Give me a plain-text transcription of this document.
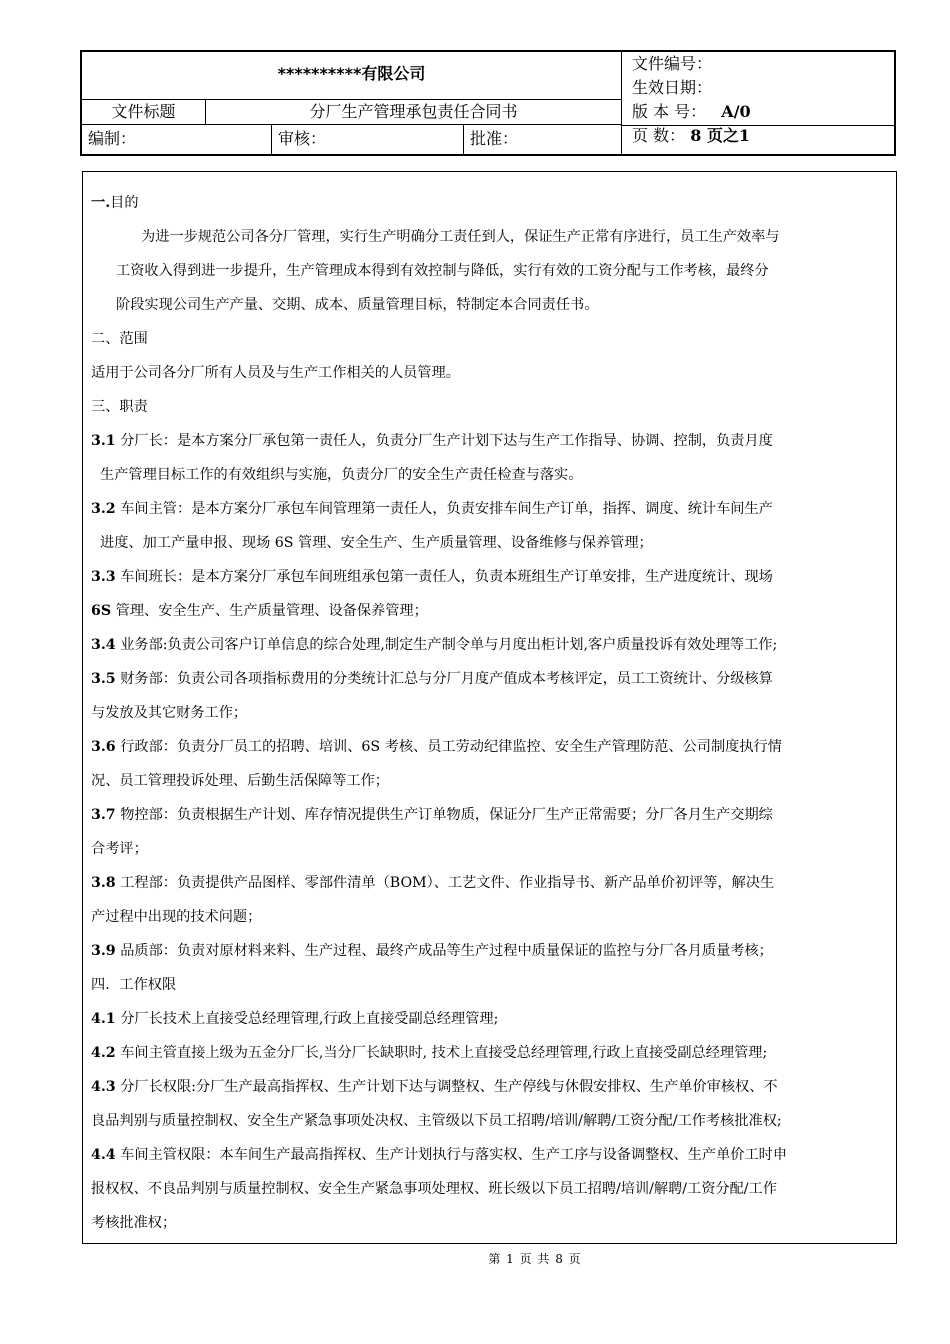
**********有限公司
文件标题	分厂生产管理承包责任合同书
编制：	审核：	批准：
文件编号：
生效日期：
版 本 号： A/0
页 数： 8 页之1
一.目的
为进一步规范公司各分厂管理，实行生产明确分工责任到人，保证生产正常有序进行，员工生产效率与
工资收入得到进一步提升，生产管理成本得到有效控制与降低，实行有效的工资分配与工作考核，最终分
阶段实现公司生产产量、交期、成本、质量管理目标，特制定本合同责任书。
二、范围
适用于公司各分厂所有人员及与生产工作相关的人员管理。
三、职责
3.1 分厂长：是本方案分厂承包第一责任人，负责分厂生产计划下达与生产工作指导、协调、控制，负责月度
生产管理目标工作的有效组织与实施，负责分厂的安全生产责任检查与落实。
3.2 车间主管：是本方案分厂承包车间管理第一责任人，负责安排车间生产订单，指挥、调度、统计车间生产
进度、加工产量申报、现场 6S 管理、安全生产、生产质量管理、设备维修与保养管理；
3.3 车间班长：是本方案分厂承包车间班组承包第一责任人，负责本班组生产订单安排，生产进度统计、现场
6S 管理、安全生产、生产质量管理、设备保养管理；
3.4 业务部:负责公司客户订单信息的综合处理,制定生产制令单与月度出柜计划,客户质量投诉有效处理等工作;
3.5 财务部：负责公司各项指标费用的分类统计汇总与分厂月度产值成本考核评定，员工工资统计、分级核算
与发放及其它财务工作；
3.6 行政部：负责分厂员工的招聘、培训、6S 考核、员工劳动纪律监控、安全生产管理防范、公司制度执行情
况、员工管理投诉处理、后勤生活保障等工作；
3.7 物控部：负责根据生产计划、库存情况提供生产订单物质，保证分厂生产正常需要；分厂各月生产交期综
合考评；
3.8 工程部：负责提供产品图样、零部件清单（BOM）、工艺文件、作业指导书、新产品单价初评等，解决生
产过程中出现的技术问题；
3.9 品质部：负责对原材料来料、生产过程、最终产成品等生产过程中质量保证的监控与分厂各月质量考核；
四．工作权限
4.1 分厂长技术上直接受总经理管理,行政上直接受副总经理管理;
4.2 车间主管直接上级为五金分厂长,当分厂长缺职时, 技术上直接受总经理管理,行政上直接受副总经理管理;
4.3 分厂长权限:分厂生产最高指挥权、生产计划下达与调整权、生产停线与休假安排权、生产单价审核权、不
良品判别与质量控制权、安全生产紧急事项处决权、主管级以下员工招聘/培训/解聘/工资分配/工作考核批准权;
4.4 车间主管权限：本车间生产最高指挥权、生产计划执行与落实权、生产工序与设备调整权、生产单价工时申
报权权、不良品判别与质量控制权、安全生产紧急事项处理权、班长级以下员工招聘/培训/解聘/工资分配/工作
考核批准权；
第 1 页 共 8 页
